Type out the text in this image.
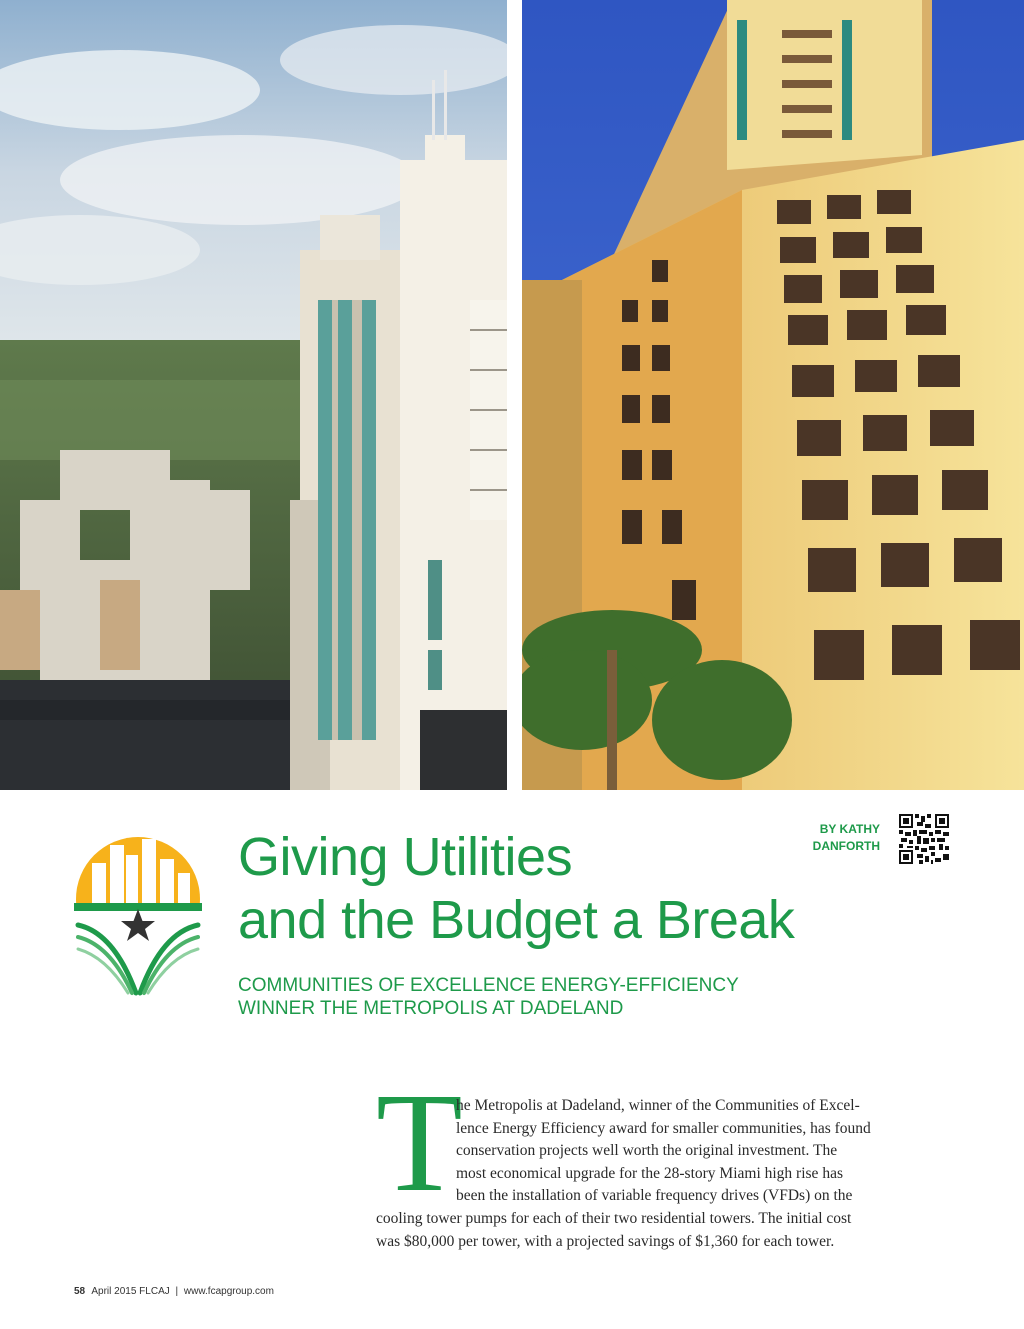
Giving Utilities
and the Budget a Break
COMMUNITIES OF EXCELLENCE ENERGY-EFFICIENCY
WINNER THE METROPOLIS AT DADELAND
BY KATHY
DANFORTH
T
he Metropolis at Dadeland, winner of the Communities of Excel-
lence Energy Efficiency award for smaller communities, has found
conservation projects well worth the original investment. The
most economical upgrade for the 28-story Miami high rise has
been the installation of variable frequency drives (VFDs) on the
cooling tower pumps for each of their two residential towers. The initial cost
was $80,000 per tower, with a projected savings of $1,360 for each tower.
58 April 2015 FLCAJ | www.fcapgroup.com
